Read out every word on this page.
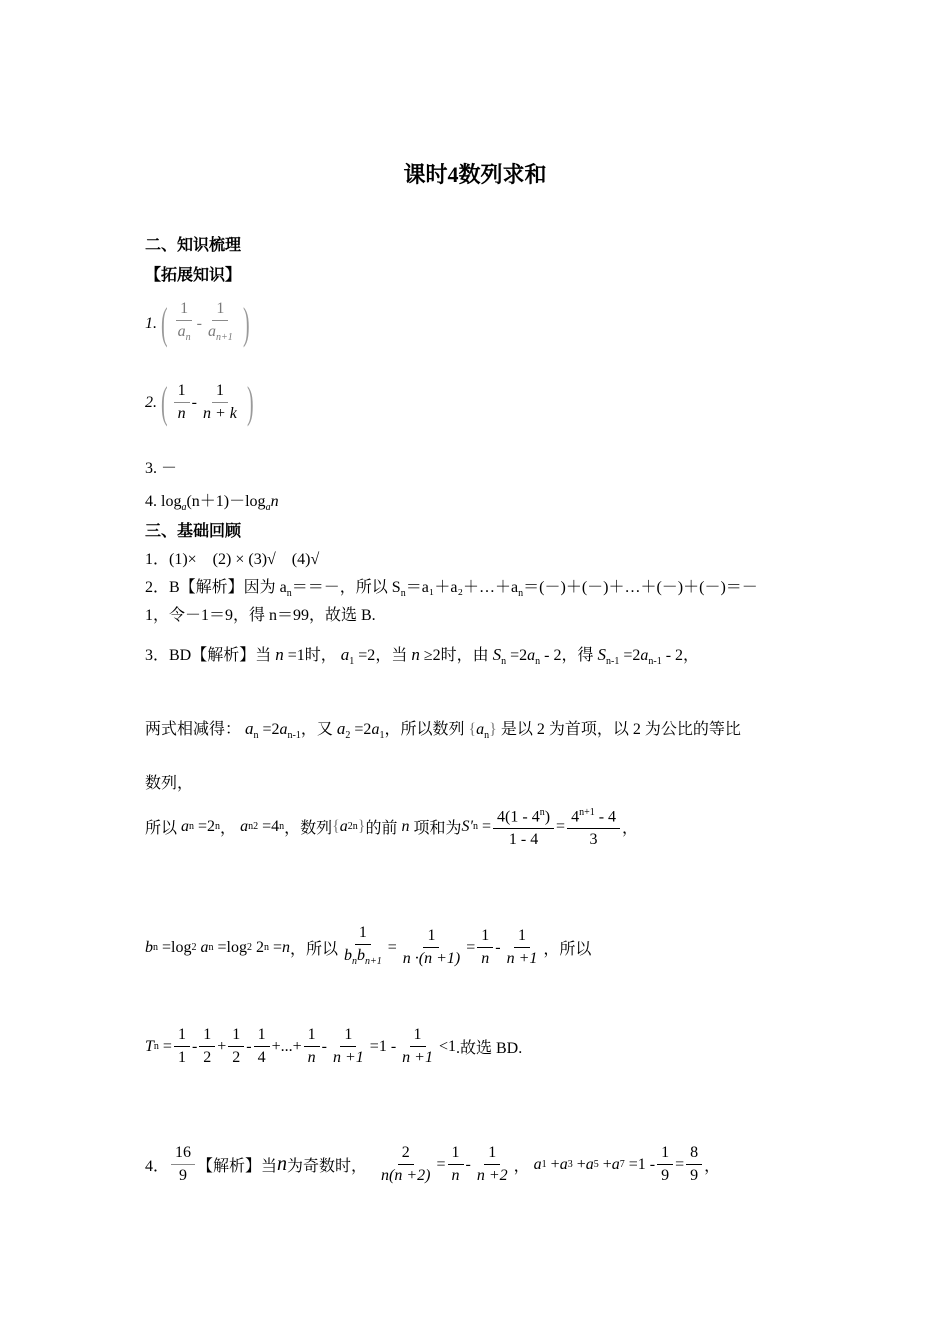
课时4数列求和
二、知识梳理
【拓展知识】
1. ( $\frac{1}{a_n} - \frac{1}{a_{n+1}}$ )
2. ( $\frac{1}{n} - \frac{1}{n + k}$ )
3. －
4. $\log_a(n+1)-\log_an$
三、基础回顾
1．(1)×　(2) × (3)√　(4)√
2．B【解析】因为 $a_n==-$，所以 $S_n=a_1+a_2+\dots+a_n=(-)+(-)+\dots+(-)+(-)=-$
1，令－1＝9，得 n＝99，故选 B.
3．BD【解析】当 n =1时， $a_1 =2$，当 n ≥2时，由 $S_n =2a_n - 2$，得 $S_{n-1} =2a_{n-1} - 2$，
两式相减得： $a_n =2a_{n-1}$，又 $a_2 =2a_1$，所以数列 $\{a_n\}$ 是以 2 为首项，以 2 为公比的等比
数列，
所以 a n =2 n ， a n 2 =4 n ，数列 { a 2 n } 的前 n 项和为 S′ $n = \frac{4(1 - 4^n)}{1 - 4} = \frac{4^{n+1} - 4}{3}$ ，
b n =log 2
a n =log 2 2 n = n ，所以 $\frac{1}{b_nb_{n+1}} = \frac{1}{n \cdot(n +1)} = \frac{1}{n} - \frac{1}{n +1}$ ，所以
T $n = \frac{1}{1} - \frac{1}{2} + \frac{1}{2} - \frac{1}{4}$ +...+ $\frac{1}{n} - \frac{1}{n +1} =1 - \frac{1}{n +1} <1$ .故选 BD.
4． $\frac{16}{9}$ 【解析】当 n 为奇数时， $\frac{2}{n(n +2)} = \frac{1}{n} - \frac{1}{n +2}$ ， a 1 + a 3 + a 5 + a $7 =1 - \frac{1}{9} = \frac{8}{9}$ ，
